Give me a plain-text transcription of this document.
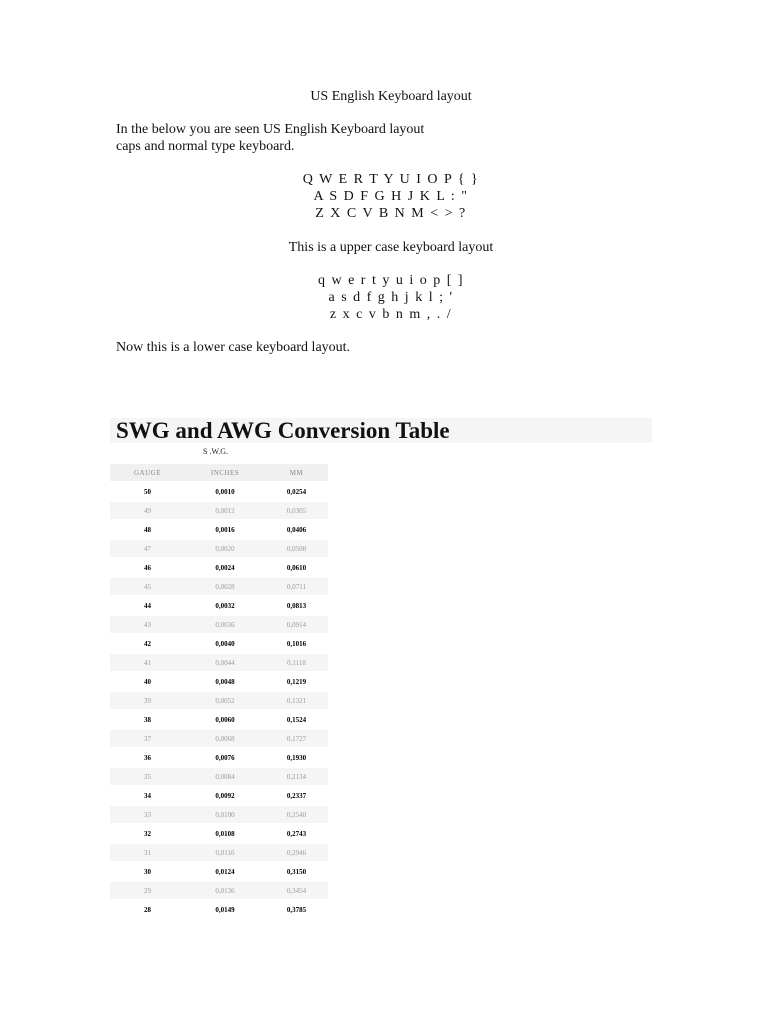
US English Keyboard layout
In the below you are seen US English Keyboard layout
caps and normal type keyboard.
Q W E R T Y U I O P { }
A S D F G H J K L : "
Z X C V B N M < > ?
This is a upper case keyboard layout
q w e r t y u i o p [ ]
a s d f g h j k l ; '
z x c v b n m , . /
Now this is a lower case keyboard layout.
SWG and AWG Conversion Table
S .W.G.
GAUGE	INCHES	MM
50	0,0010	0,0254
49	0,0012	0,0305
48	0,0016	0,0406
47	0,0020	0,0508
46	0,0024	0,0610
45	0,0028	0,0711
44	0,0032	0,0813
43	0,0036	0,0914
42	0,0040	0,1016
41	0,0044	0,1118
40	0,0048	0,1219
39	0,0052	0,1321
38	0,0060	0,1524
37	0,0068	0,1727
36	0,0076	0,1930
35	0,0084	0,2134
34	0,0092	0,2337
33	0,0100	0,2540
32	0,0108	0,2743
31	0,0116	0,2946
30	0,0124	0,3150
29	0,0136	0,3454
28	0,0149	0,3785
